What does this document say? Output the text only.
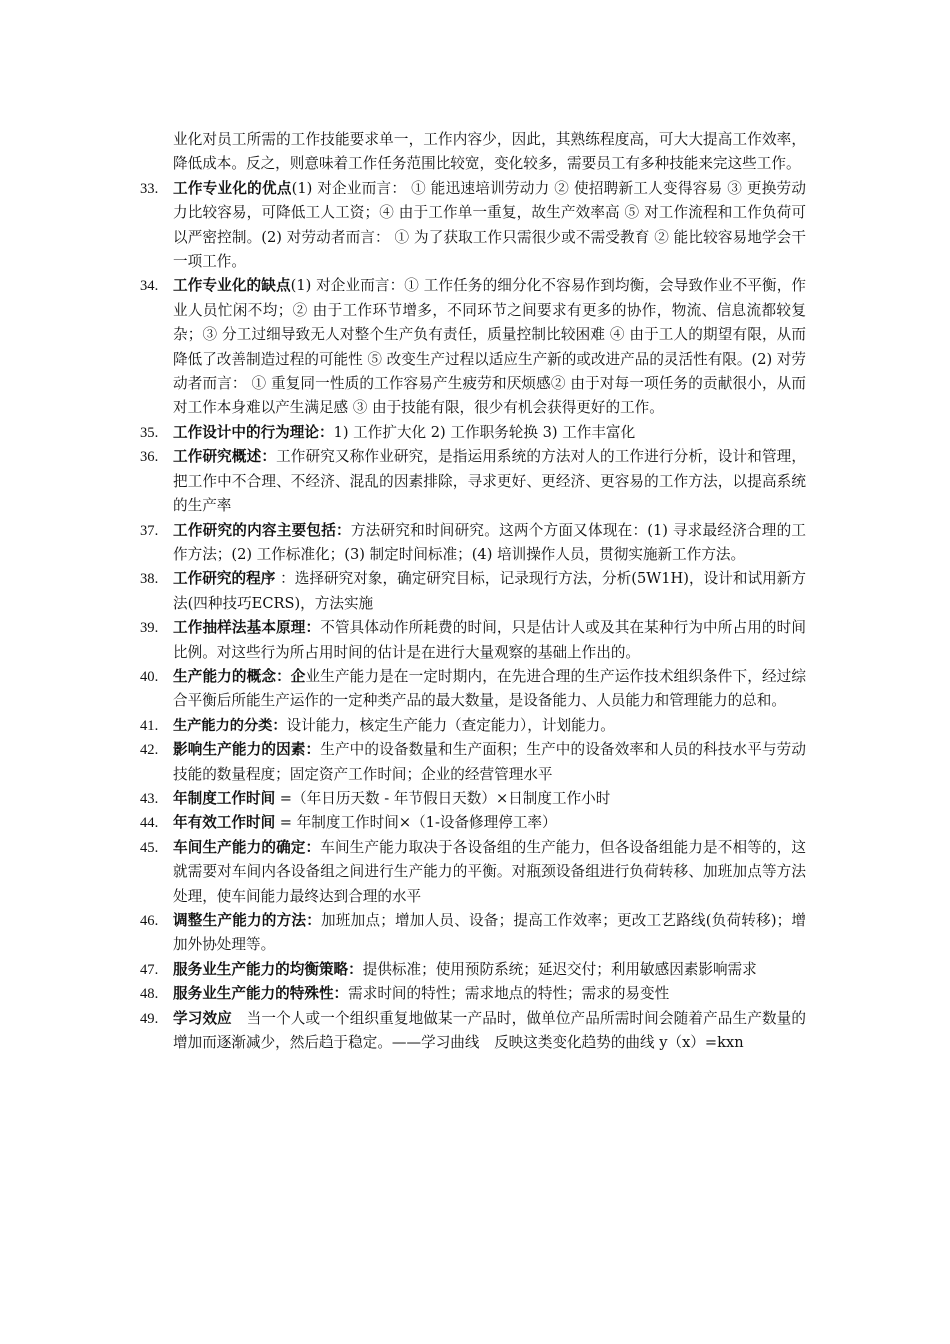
业化对员工所需的工作技能要求单一，工作内容少，因此，其熟练程度高，可大大提高工作效率，降低成本。反之，则意味着工作任务范围比较宽，变化较多，需要员工有多种技能来完这些工作。
33.	工作专业化的优点(1) 对企业而言： ① 能迅速培训劳动力 ② 使招聘新工人变得容易 ③ 更换劳动力比较容易，可降低工人工资；④ 由于工作单一重复，故生产效率高 ⑤ 对工作流程和工作负荷可以严密控制。(2) 对劳动者而言： ① 为了获取工作只需很少或不需受教育 ② 能比较容易地学会干一项工作。
34.	工作专业化的缺点(1) 对企业而言：① 工作任务的细分化不容易作到均衡，会导致作业不平衡，作业人员忙闲不均；② 由于工作环节增多，不同环节之间要求有更多的协作，物流、信息流都较复杂；③ 分工过细导致无人对整个生产负有责任，质量控制比较困难 ④ 由于工人的期望有限，从而降低了改善制造过程的可能性 ⑤ 改变生产过程以适应生产新的或改进产品的灵活性有限。(2) 对劳动者而言： ① 重复同一性质的工作容易产生疲劳和厌烦感② 由于对每一项任务的贡献很小，从而对工作本身难以产生满足感 ③ 由于技能有限，很少有机会获得更好的工作。
35.	工作设计中的行为理论：1) 工作扩大化 2) 工作职务轮换 3) 工作丰富化
36.	工作研究概述：工作研究又称作业研究，是指运用系统的方法对人的工作进行分析，设计和管理，把工作中不合理、不经济、混乱的因素排除，寻求更好、更经济、更容易的工作方法，以提高系统的生产率
37.	工作研究的内容主要包括：方法研究和时间研究。这两个方面又体现在：(1) 寻求最经济合理的工作方法；(2) 工作标准化；(3) 制定时间标准；(4) 培训操作人员，贯彻实施新工作方法。
38.	工作研究的程序 ：选择研究对象，确定研究目标，记录现行方法，分析(5W1H)，设计和试用新方法(四种技巧ECRS)，方法实施
39.	工作抽样法基本原理：不管具体动作所耗费的时间，只是估计人或及其在某种行为中所占用的时间比例。对这些行为所占用时间的估计是在进行大量观察的基础上作出的。
40.	生产能力的概念：企业生产能力是在一定时期内，在先进合理的生产运作技术组织条件下，经过综合平衡后所能生产运作的一定种类产品的最大数量，是设备能力、人员能力和管理能力的总和。
41.	生产能力的分类：设计能力，核定生产能力（查定能力），计划能力。
42.	影响生产能力的因素：生产中的设备数量和生产面积；生产中的设备效率和人员的科技水平与劳动技能的数量程度；固定资产工作时间；企业的经营管理水平
43.	年制度工作时间 =（年日历天数 - 年节假日天数）×日制度工作小时
44.	年有效工作时间 = 年制度工作时间×（1-设备修理停工率）
45.	车间生产能力的确定：车间生产能力取决于各设备组的生产能力，但各设备组能力是不相等的，这就需要对车间内各设备组之间进行生产能力的平衡。对瓶颈设备组进行负荷转移、加班加点等方法处理，使车间能力最终达到合理的水平
46.	调整生产能力的方法：加班加点；增加人员、设备；提高工作效率；更改工艺路线(负荷转移)；增加外协处理等。
47.	服务业生产能力的均衡策略：提供标准；使用预防系统；延迟交付；利用敏感因素影响需求
48.	服务业生产能力的特殊性：需求时间的特性；需求地点的特性；需求的易变性
49.	学习效应　当一个人或一个组织重复地做某一产品时，做单位产品所需时间会随着产品生产数量的增加而逐渐减少，然后趋于稳定。——学习曲线　反映这类变化趋势的曲线 y（x）=kxn
